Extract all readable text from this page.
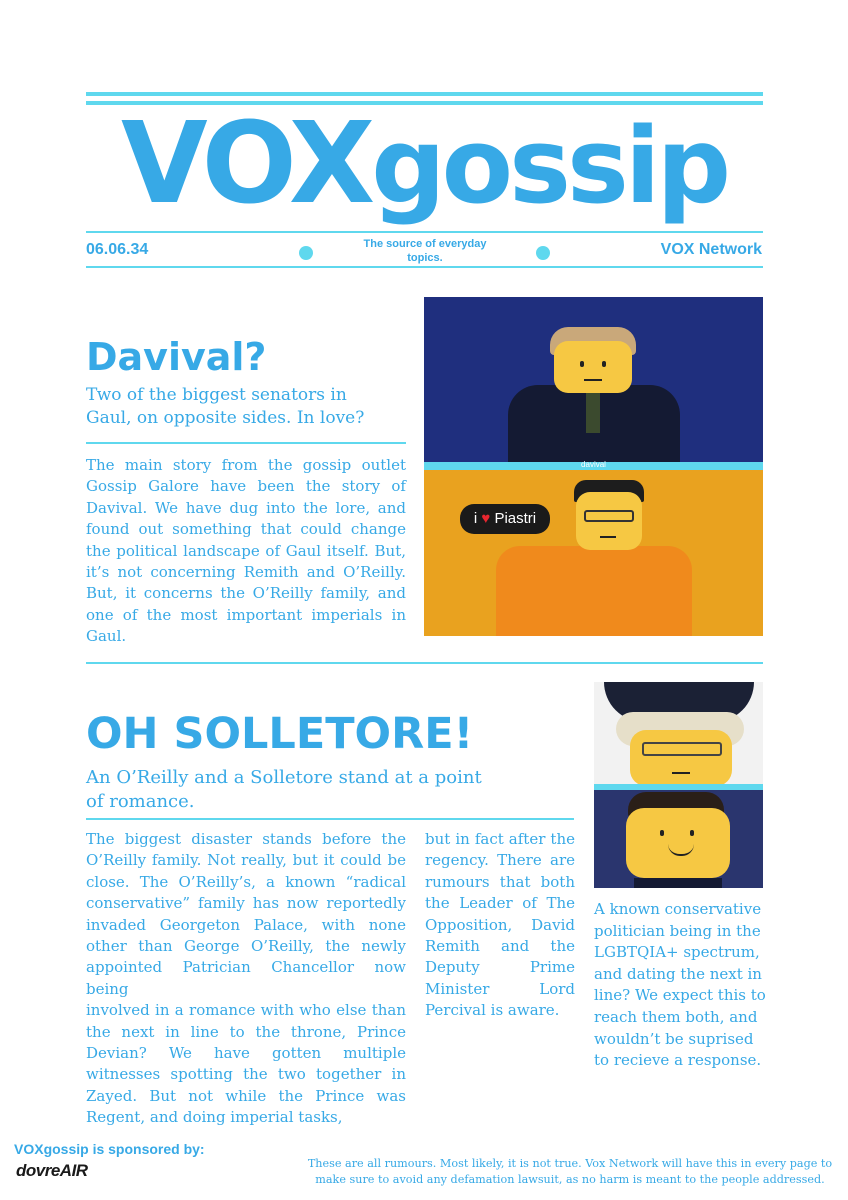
VOXgossip
06.06.34	The source of everyday
topics.	VOX Network
Davival?
Two of the biggest senators in
Gaul, on opposite sides. In love?
The main story from the gossip outlet
Gossip Galore have been the story of
Davival. We have dug into the lore, and
found out something that could change
the political landscape of Gaul itself. But,
it’s not concerning Remith and O’Reilly.
But, it concerns the O’Reilly family, and
one of the most important imperials in
Gaul.
davival
i ♥ Piastri
OH SOLLETORE!
An O’Reilly and a Solletore stand at a point
of romance.
The biggest disaster stands before the
O’Reilly family. Not really, but it could be
close. The O’Reilly’s, a known “radical
conservative” family has now reportedly
invaded Georgeton Palace, with none
other than George O’Reilly, the newly
appointed Patrician Chancellor now being
involved in a romance with who else than
the next in line to the throne, Prince
Devian? We have gotten multiple
witnesses spotting the two together in
Zayed. But not while the Prince was
Regent, and doing imperial tasks,
but in fact after the
regency. There are
rumours that both
the Leader of The
Opposition, David
Remith and the
Deputy Prime
Minister Lord
Percival is aware.
A known conservative
politician being in the
LGBTQIA+ spectrum,
and dating the next in
line? We expect this to
reach them both, and
wouldn’t be suprised
to recieve a response.
VOXgossip is sponsored by:
dovreAIR	These are all rumours. Most likely, it is not true. Vox Network will have this in every page to
make sure to avoid any defamation lawsuit, as no harm is meant to the people addressed.
